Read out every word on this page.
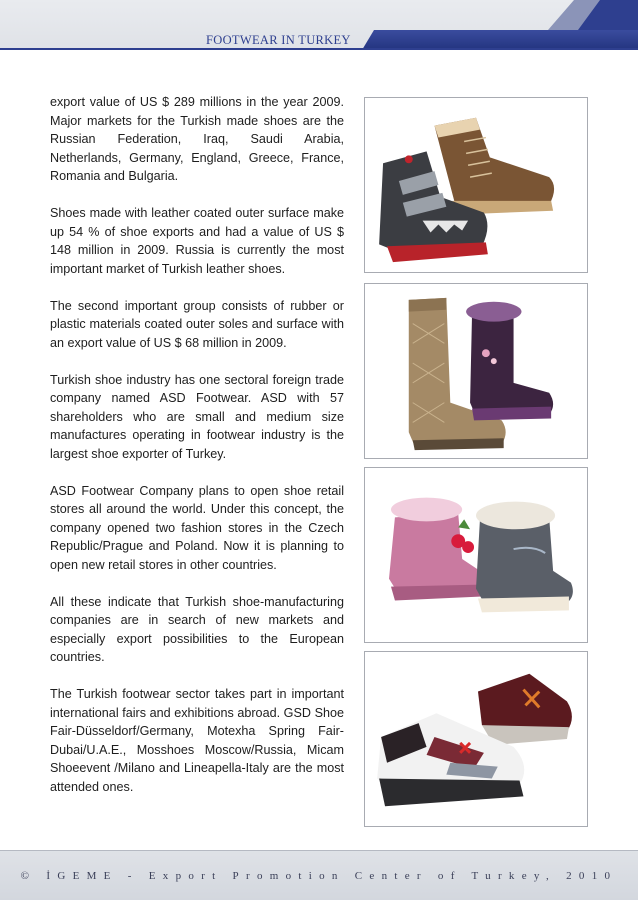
FOOTWEAR IN TURKEY

export value of US $ 289 millions in the year 2009. Major markets for the Turkish made shoes are the Russian Federation, Iraq, Saudi Arabia, Netherlands, Germany, England, Greece, France, Romania and Bulgaria.

Shoes made with leather coated outer surface make up 54 % of shoe exports and had a value of US $ 148 million in 2009. Russia is currently the most important market of Turkish leather shoes.

The second important group consists of rubber or plastic materials coated outer soles and surface with an export value of US $ 68 million in 2009.

Turkish shoe industry has one sectoral foreign trade company named ASD Footwear. ASD with 57 shareholders who are small and medium size manufactures operating in footwear industry is the largest shoe exporter of Turkey.

ASD Footwear Company plans to open shoe retail stores all around the world. Under this concept, the company opened two fashion stores in the Czech Republic/Prague and Poland. Now it is planning to open new retail stores in other countries.

All these indicate that Turkish shoe-manufacturing companies are in search of new markets and especially export possibilities to the European countries.

The Turkish footwear sector takes part in important international fairs and exhibitions abroad. GSD Shoe Fair-Düsseldorf/Germany, Motexha Spring Fair-Dubai/U.A.E., Mosshoes Moscow/Russia, Micam Shoeevent /Milano and Lineapella-Italy are the most attended ones.

© İGEME - Export Promotion Center of Turkey, 2010
